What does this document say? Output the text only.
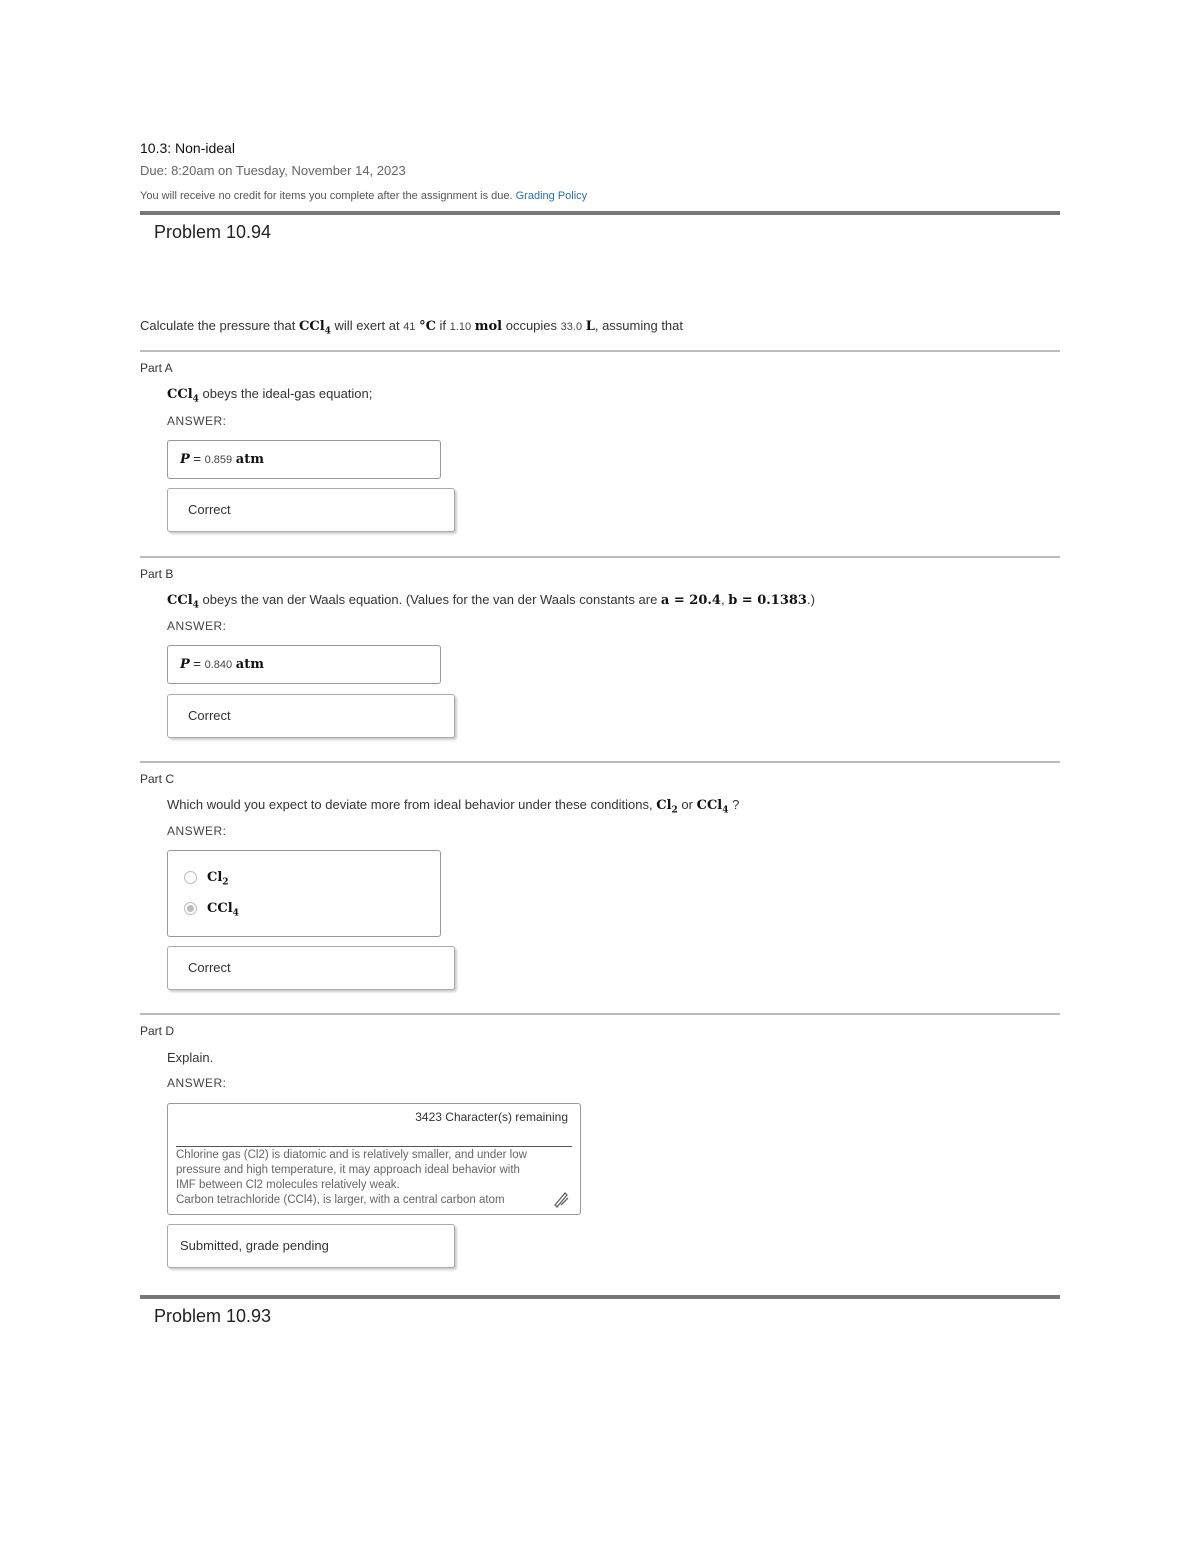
10.3: Non-ideal
Due: 8:20am on Tuesday, November 14, 2023
You will receive no credit for items you complete after the assignment is due. Grading Policy
Problem 10.94
Calculate the pressure that CCl$_4$ will exert at 41 °C if 1.10 mol occupies 33.0 L, assuming that
Part A
CCl$_4$ obeys the ideal-gas equation;
ANSWER:
P = 0.859 atm
Correct
Part B
CCl$_4$ obeys the van der Waals equation. (Values for the van der Waals constants are a = 20.4, b = 0.1383.)
ANSWER:
P = 0.840 atm
Correct
Part C
Which would you expect to deviate more from ideal behavior under these conditions, $Cl_2$ or CCl$_4$ ?
ANSWER:
$Cl_2$
CCl$_4$
Correct
Part D
Explain.
ANSWER:
3423 Character(s) remaining
Chlorine gas (Cl2) is diatomic and is relatively smaller, and under low
pressure and high temperature, it may approach ideal behavior with
IMF between Cl2 molecules relatively weak.
Carbon tetrachloride (CCl4), is larger, with a central carbon atom
Submitted, grade pending
Problem 10.93
